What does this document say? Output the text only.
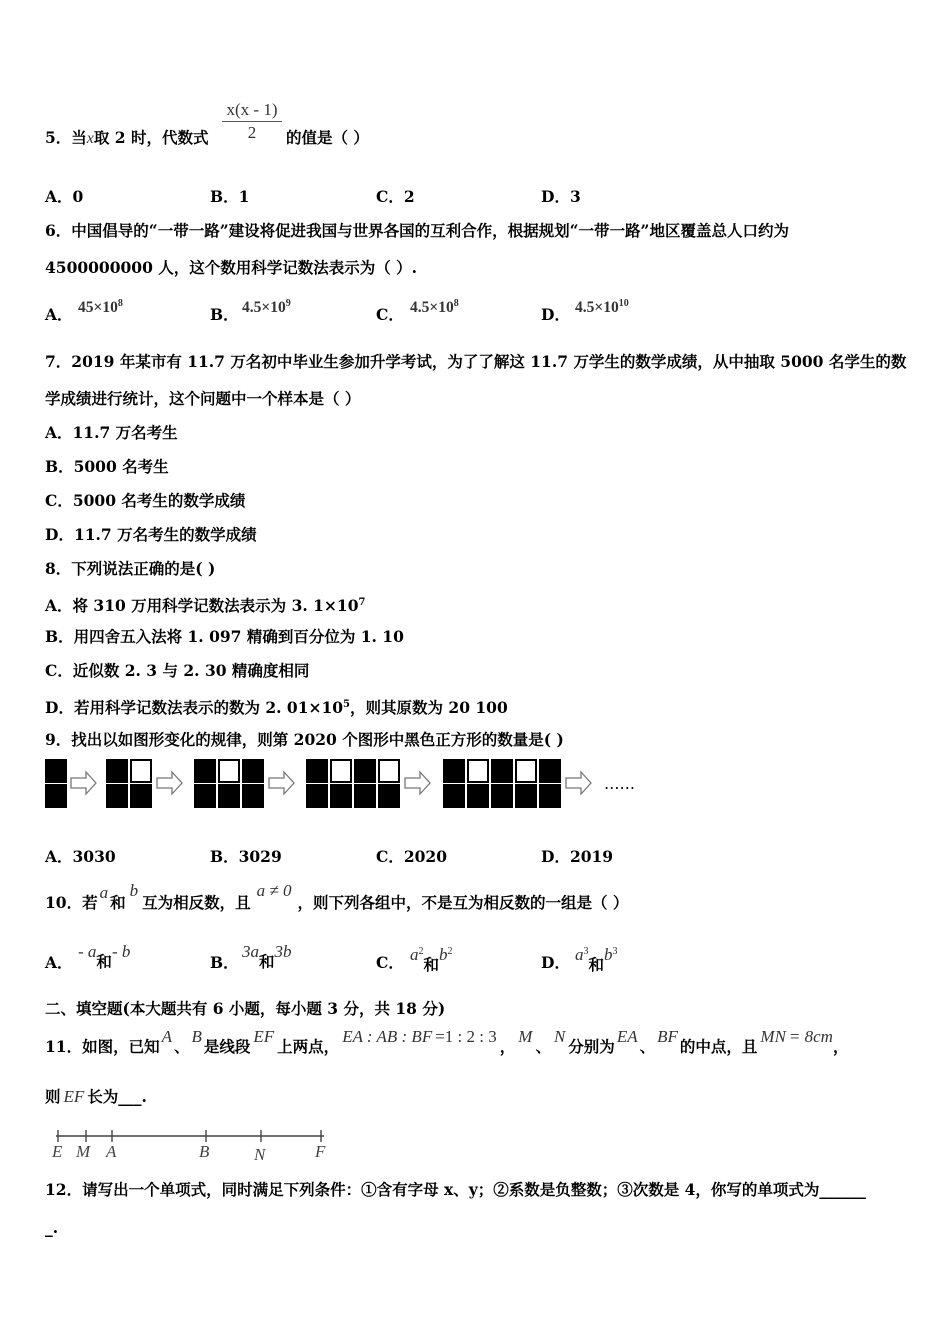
5．当x取 2 时，代数式
x(x - 1)
2	的值是（ ）
A．0	B．1	C．2	D．3
6．中国倡导的“一带一路”建设将促进我国与世界各国的互利合作，根据规划“一带一路”地区覆盖总人口约为
4500000000 人，这个数用科学记数法表示为（ ）.
A． $45\times 10^8$
B． $4.5\times 10^9$
C． $4.5\times 10^8$
D． $4.5\times 10^{10}$
7．2019 年某市有 11.7 万名初中毕业生参加升学考试，为了了解这 11.7 万学生的数学成绩，从中抽取 5000 名学生的数
学成绩进行统计，这个问题中一个样本是（ ）
A．11.7 万名考生
B．5000 名考生
C．5000 名考生的数学成绩
D．11.7 万名考生的数学成绩
8．下列说法正确的是( )
A．将 310 万用科学记数法表示为 3. $1\times 10^7$
B．用四舍五入法将 1. 097 精确到百分位为 1. 10
C．近似数 2. 3 与 2. 30 精确度相同
D．若用科学记数法表示的数为 2. $01\times 10^5$，则其原数为 20 100
9．找出以如图形变化的规律，则第 2020 个图形中黑色正方形的数量是( )
……
A．3030	B．3029	C．2020	D．2019
10．若a和b互为相反数，且a ≠ 0，则下列各组中，不是互为相反数的一组是（ ）
A．
- a和- b
B．
3a和3b
C． $a^2$和$b^2$
D． $a^3$和$b^3$
二、填空题(本大题共有 6 小题，每小题 3 分，共 18 分)
11．如图，已知A、B是线段EF上两点，EA : AB : BF =1 : 2 : 3，M、N分别为EA、BF的中点，且MN = 8cm，
则 EF 长为___.
E M A	B	N	F
12．请写出一个单项式，同时满足下列条件：①含有字母 x、y；②系数是负整数；③次数是 4，你写的单项式为______
_.
